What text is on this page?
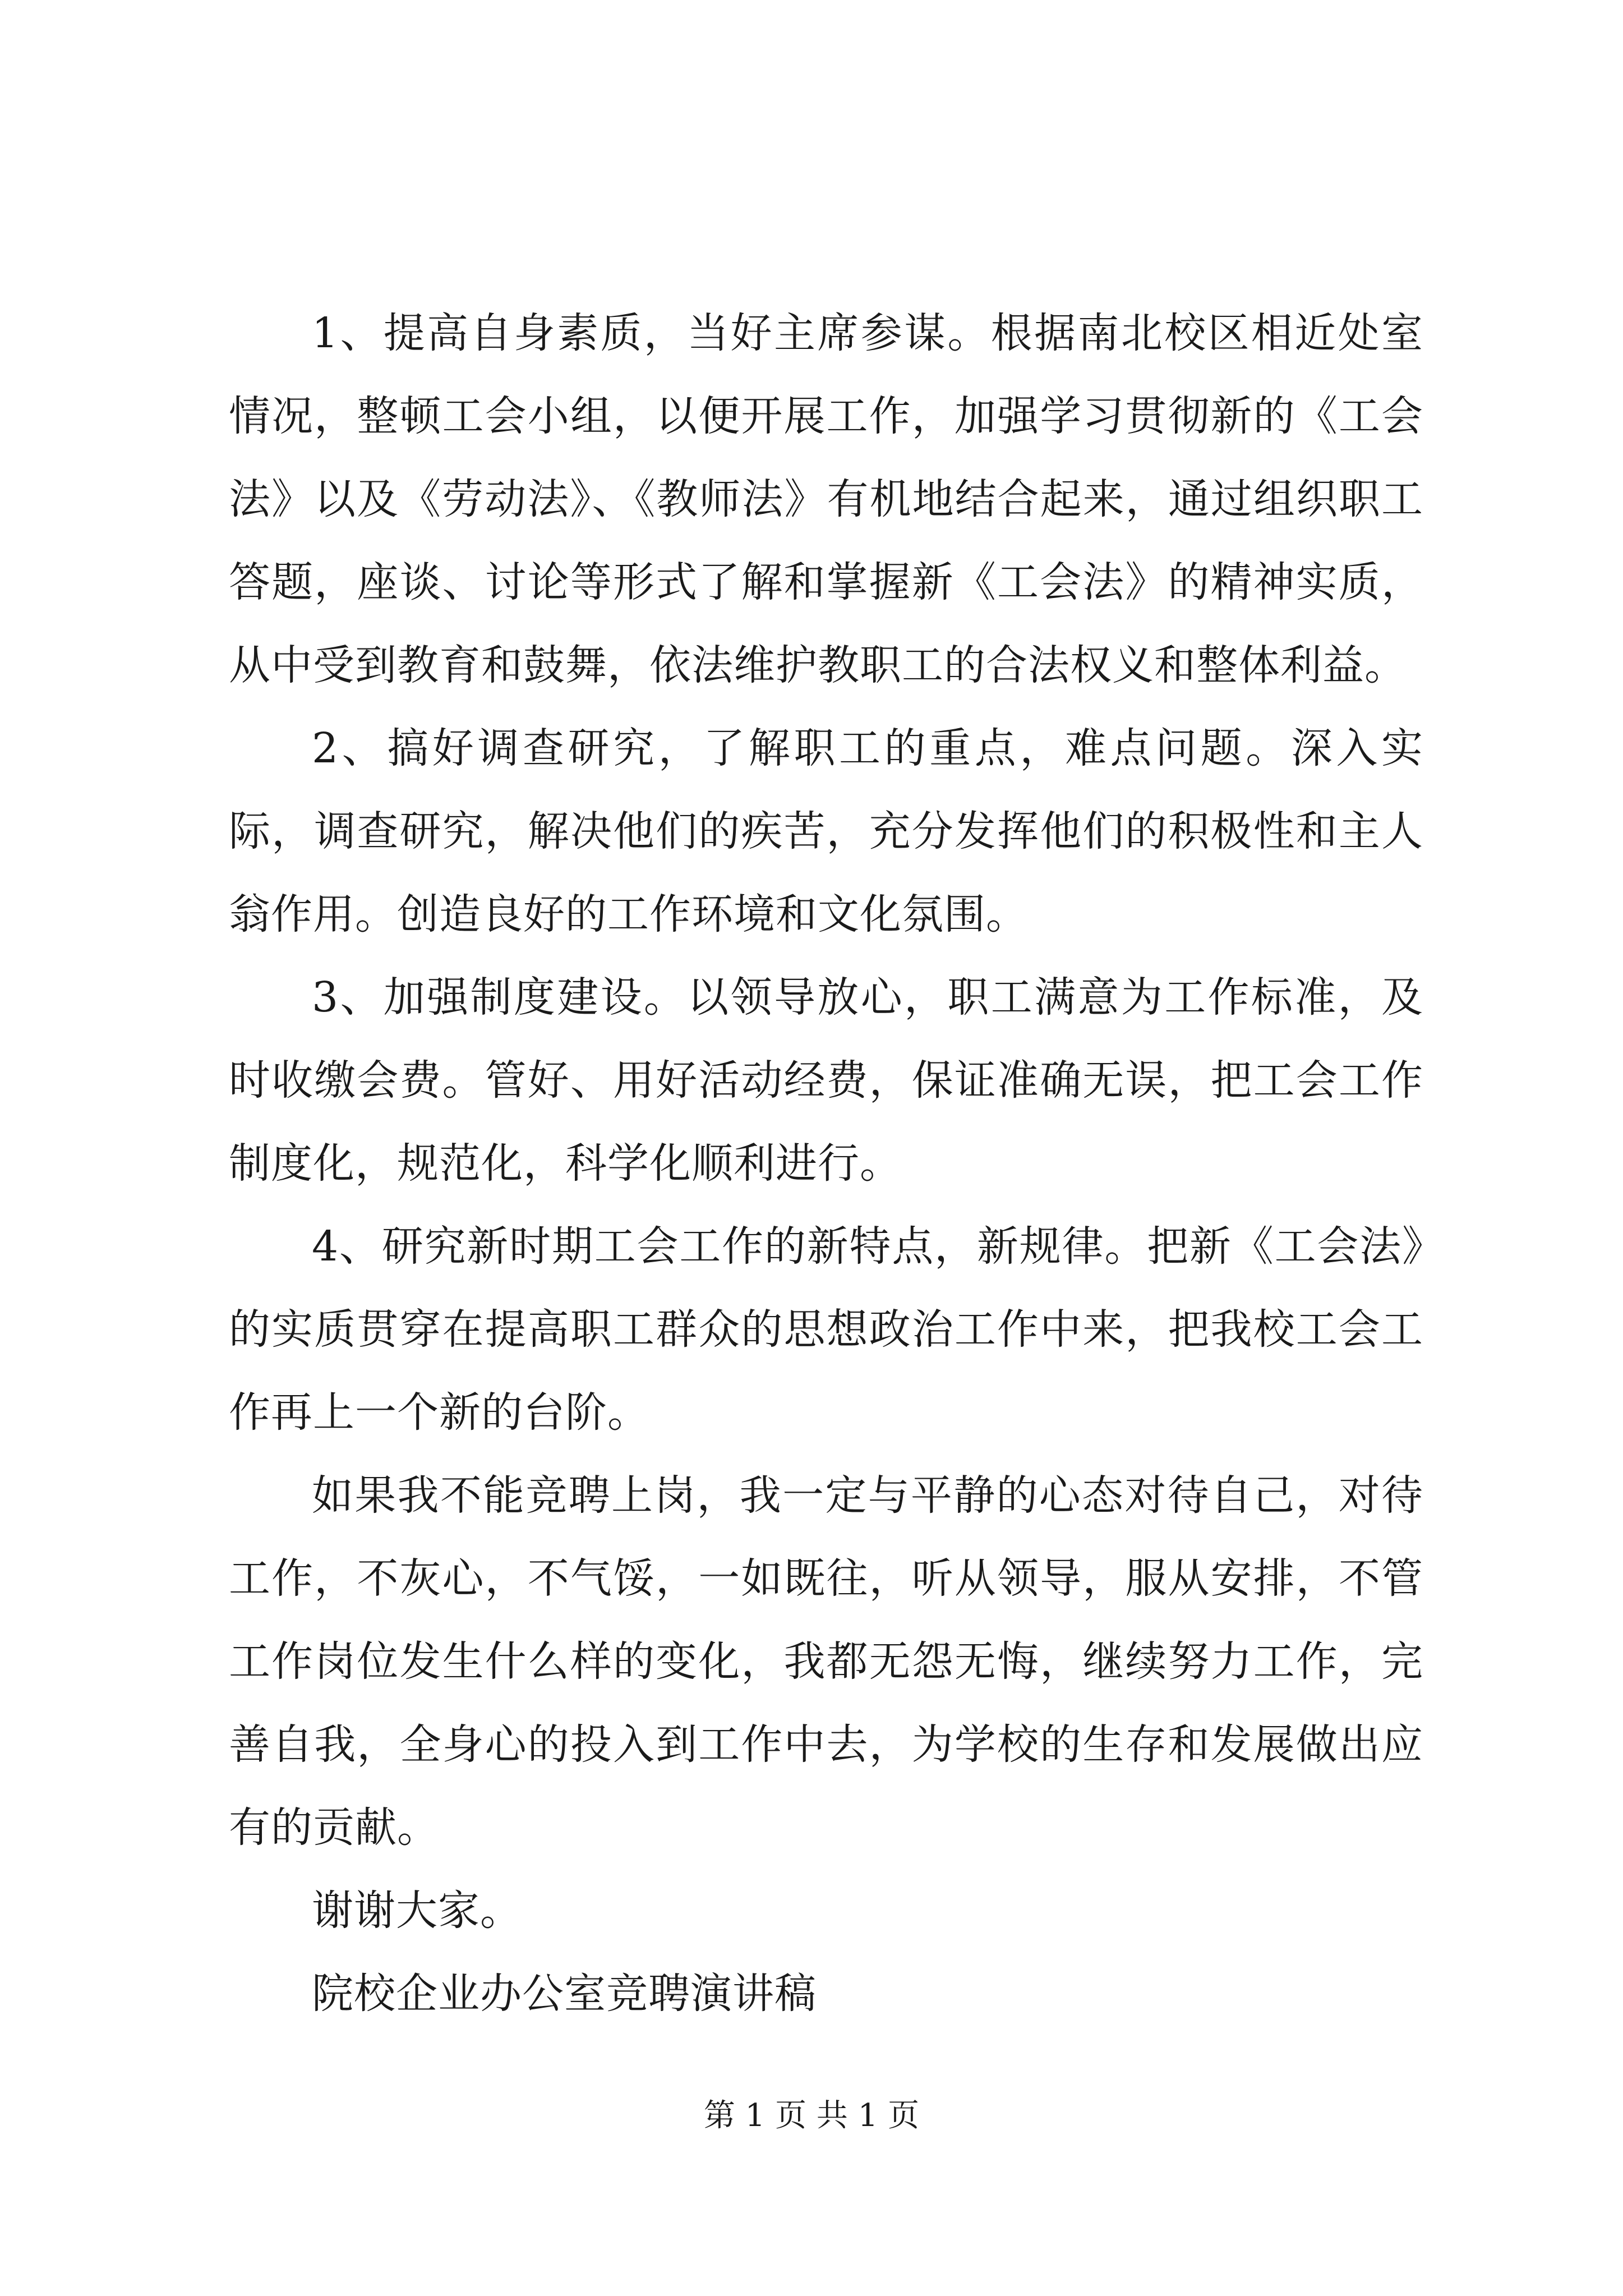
1、提高自身素质，当好主席参谋。根据南北校区相近处室情况，整顿工会小组，以便开展工作，加强学习贯彻新的《工会法》以及《劳动法》、《教师法》有机地结合起来，通过组织职工答题，座谈、讨论等形式了解和掌握新《工会法》的精神实质，从中受到教育和鼓舞，依法维护教职工的合法权义和整体利益。

2、搞好调查研究，了解职工的重点，难点问题。深入实际，调查研究，解决他们的疾苦，充分发挥他们的积极性和主人翁作用。创造良好的工作环境和文化氛围。

3、加强制度建设。以领导放心，职工满意为工作标准，及时收缴会费。管好、用好活动经费，保证准确无误，把工会工作制度化，规范化，科学化顺利进行。

4、研究新时期工会工作的新特点，新规律。把新《工会法》的实质贯穿在提高职工群众的思想政治工作中来，把我校工会工作再上一个新的台阶。

如果我不能竞聘上岗，我一定与平静的心态对待自己，对待工作，不灰心，不气馁，一如既往，听从领导，服从安排，不管工作岗位发生什么样的变化，我都无怨无悔，继续努力工作，完善自我，全身心的投入到工作中去，为学校的生存和发展做出应有的贡献。

谢谢大家。

院校企业办公室竞聘演讲稿

第 1 页 共 1 页
